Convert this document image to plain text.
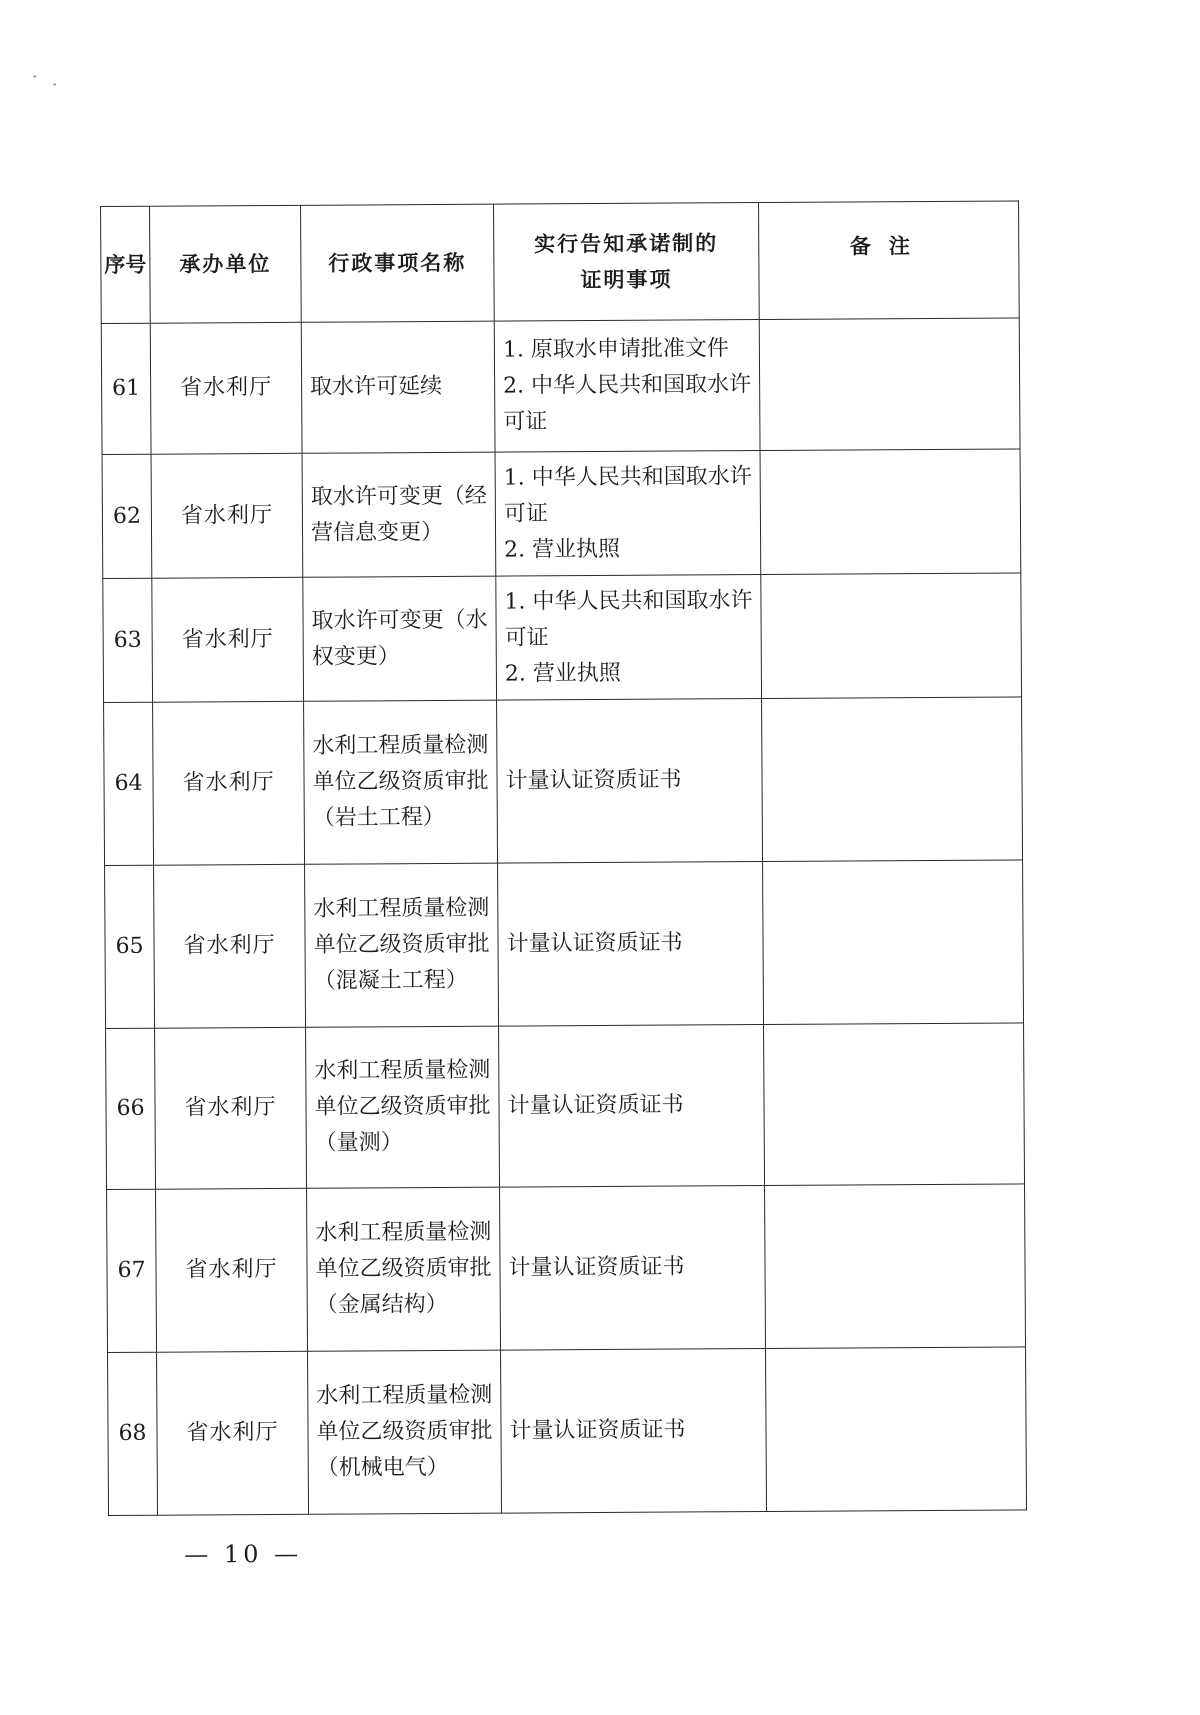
序号	承办单位	行政事项名称	实行告知承诺制的
证明事项	备注
61	省水利厅	取水许可延续	1. 原取水申请批准文件
2. 中华人民共和国取水许可证	

62	省水利厅	取水许可变更（经营信息变更）	1. 中华人民共和国取水许可证
2. 营业执照	

63	省水利厅	取水许可变更（水权变更）	1. 中华人民共和国取水许可证
2. 营业执照	

64	省水利厅	水利工程质量检测单位乙级资质审批（岩土工程）	计量认证资质证书	

65	省水利厅	水利工程质量检测单位乙级资质审批（混凝土工程）	计量认证资质证书	

66	省水利厅	水利工程质量检测单位乙级资质审批（量测）	计量认证资质证书	

67	省水利厅	水利工程质量检测单位乙级资质审批（金属结构）	计量认证资质证书	

68	省水利厅	水利工程质量检测单位乙级资质审批（机械电气）	计量认证资质证书	

— 10 —
